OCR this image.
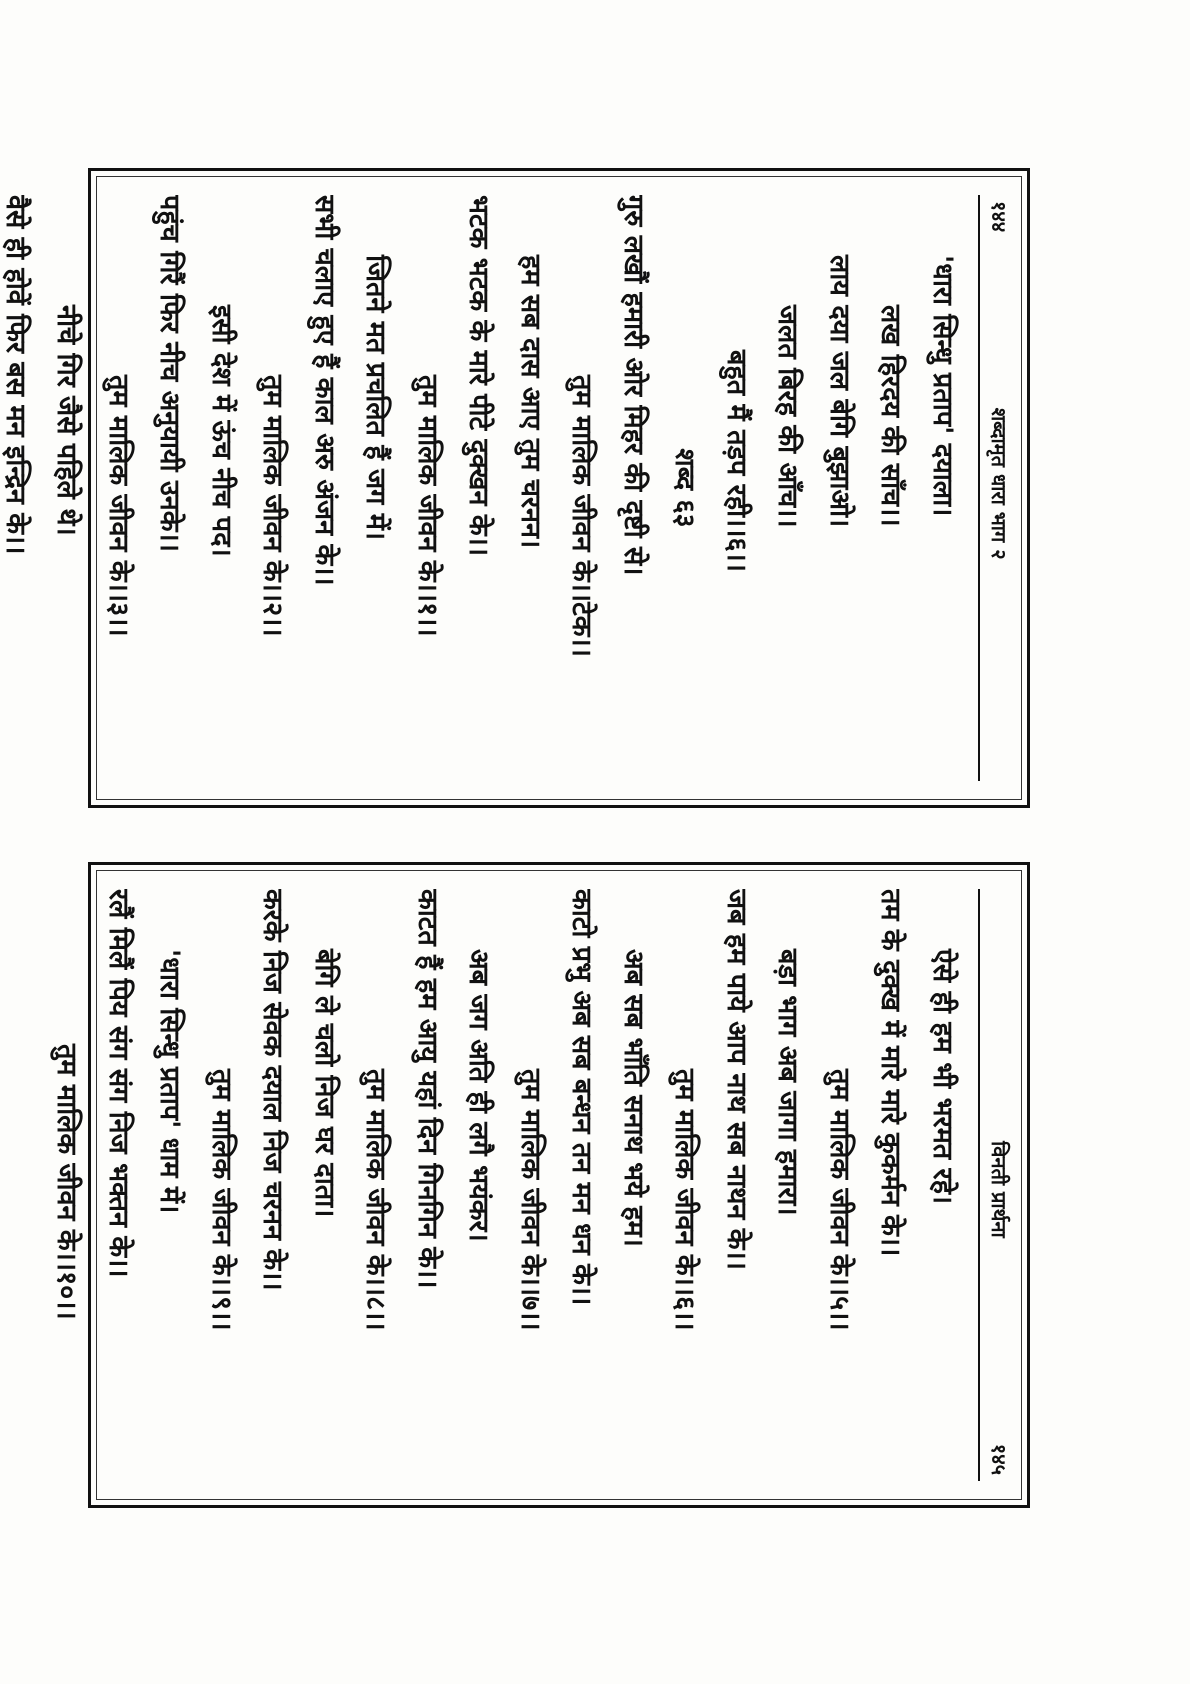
१४४
शब्दामृत धारा भाग २
'धारा सिन्धु प्रताप' दयाला।
लख हिरदय की साँच।।
लाय दया जल बेगि बुझाओ।
जलत बिरह की आँच।।
बहुत मैं तड़प रही।।६।।
शब्द ६३
गुरु लखौं हमारी ओर मिहर की दृष्टी से।
तुम मालिक जीवन के।।टेक।।
हम सब दास आए तुम चरनन।
भटक भटक के मारे पीटे दुक्खन के।।
तुम मालिक जीवन के।।१।।
जितने मत प्रचलित हैं जग में।
सभी चलाए हुए हैं काल अरु अंजन के।।
तुम मालिक जीवन के।।२।।
इसी देश में ऊंच नीच पद।
पहुंच गिरैं फिर नीच अनुयायी उनके।।
तुम मालिक जीवन के।।३।।
नीचे गिर जैसे पहिले थे।
वैसे ही होवें फिर बस मन इन्द्रिन के।।
विनती प्रार्थना
१४५
ऐसे ही हम भी भरमत रहे।
तम के दुक्ख में मारे मारे कुकर्मन के।।
तुम मालिक जीवन के।।५।।
बड़ा भाग अब जागा हमारा।
जब हम पाये आप नाथ सब नाथन के।।
तुम मालिक जीवन के।।६।।
अब सब भाँति सनाथ भये हम।
काटो प्रभु अब सब बन्धन तन मन धन के।।
तुम मालिक जीवन के।।७।।
अब जग अति ही लगै भयंकर।
काटत हैं हम आयु यहां दिन गिनगिन के।।
तुम मालिक जीवन के।।८।।
बेगि ले चलो निज घर दाता।
करके निज सेवक दयाल निज चरनन के।।
तुम मालिक जीवन के।।९।।
'धारा सिन्धु प्रताप' धाम में।
रलैं मिलैं पिय संग संग निज भक्तन के।।
तुम मालिक जीवन के।।१०।।
